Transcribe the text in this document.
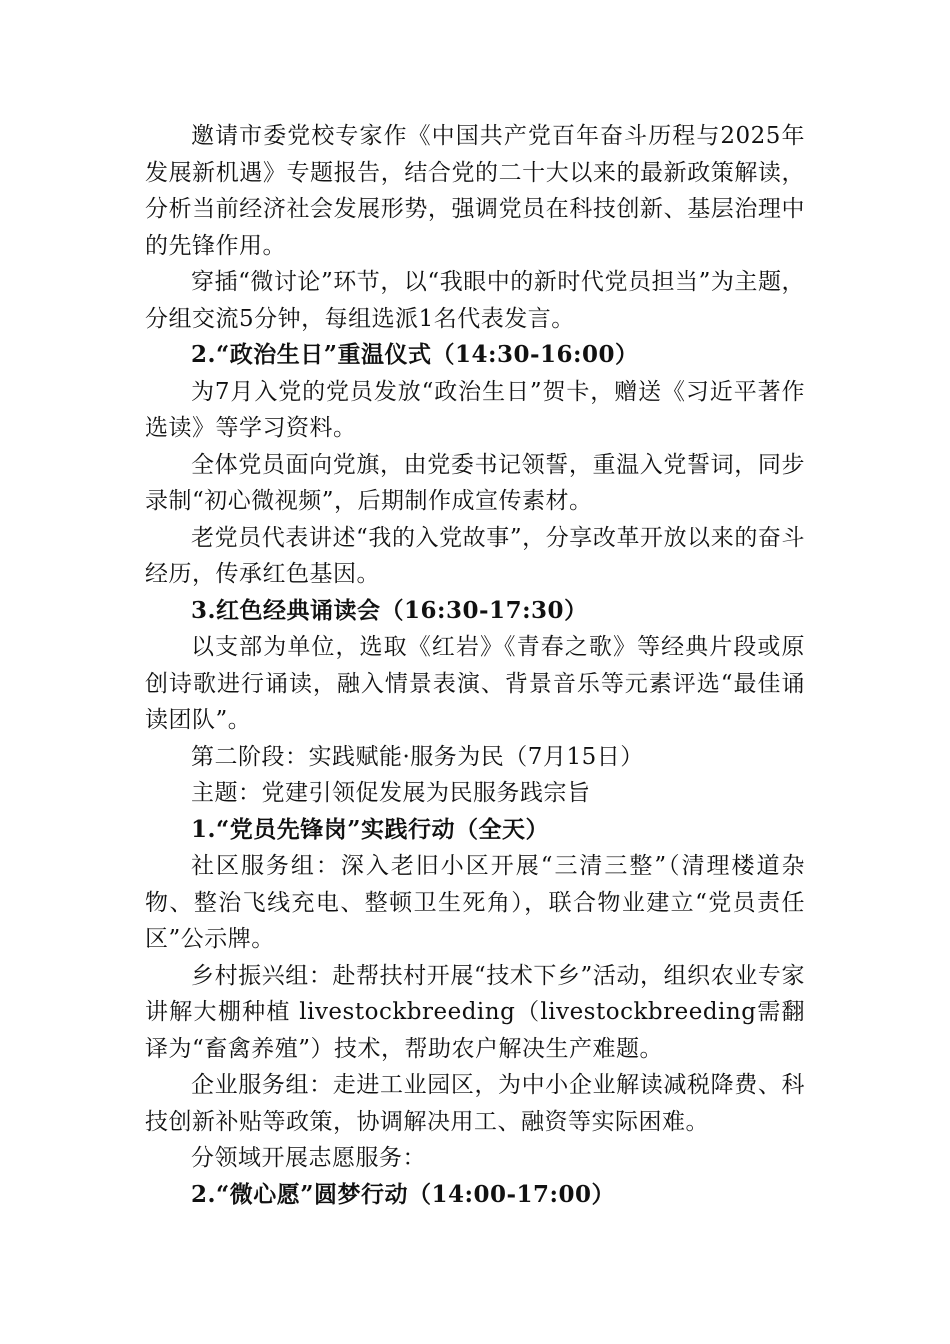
邀请市委党校专家作《中国共产党百年奋斗历程与2025年发展新机遇》专题报告，结合党的二十大以来的最新政策解读，分析当前经济社会发展形势，强调党员在科技创新、基层治理中的先锋作用。

穿插“微讨论”环节，以“我眼中的新时代党员担当”为主题，分组交流5分钟，每组选派1名代表发言。

2.“政治生日”重温仪式（14:30-16:00）

为7月入党的党员发放“政治生日”贺卡，赠送《习近平著作选读》等学习资料。

全体党员面向党旗，由党委书记领誓，重温入党誓词，同步录制“初心微视频”，后期制作成宣传素材。

老党员代表讲述“我的入党故事”，分享改革开放以来的奋斗经历，传承红色基因。

3.红色经典诵读会（16:30-17:30）

以支部为单位，选取《红岩》《青春之歌》等经典片段或原创诗歌进行诵读，融入情景表演、背景音乐等元素评选“最佳诵读团队”。

第二阶段：实践赋能·服务为民（7月15日）

主题：党建引领促发展为民服务践宗旨

1.“党员先锋岗”实践行动（全天）

社区服务组：深入老旧小区开展“三清三整”（清理楼道杂物、整治飞线充电、整顿卫生死角），联合物业建立“党员责任区”公示牌。

乡村振兴组：赴帮扶村开展“技术下乡”活动，组织农业专家讲解大棚种植 livestockbreeding（livestockbreeding需翻译为“畜禽养殖”）技术，帮助农户解决生产难题。

企业服务组：走进工业园区，为中小企业解读减税降费、科技创新补贴等政策，协调解决用工、融资等实际困难。

分领域开展志愿服务：

2.“微心愿”圆梦行动（14:00-17:00）
